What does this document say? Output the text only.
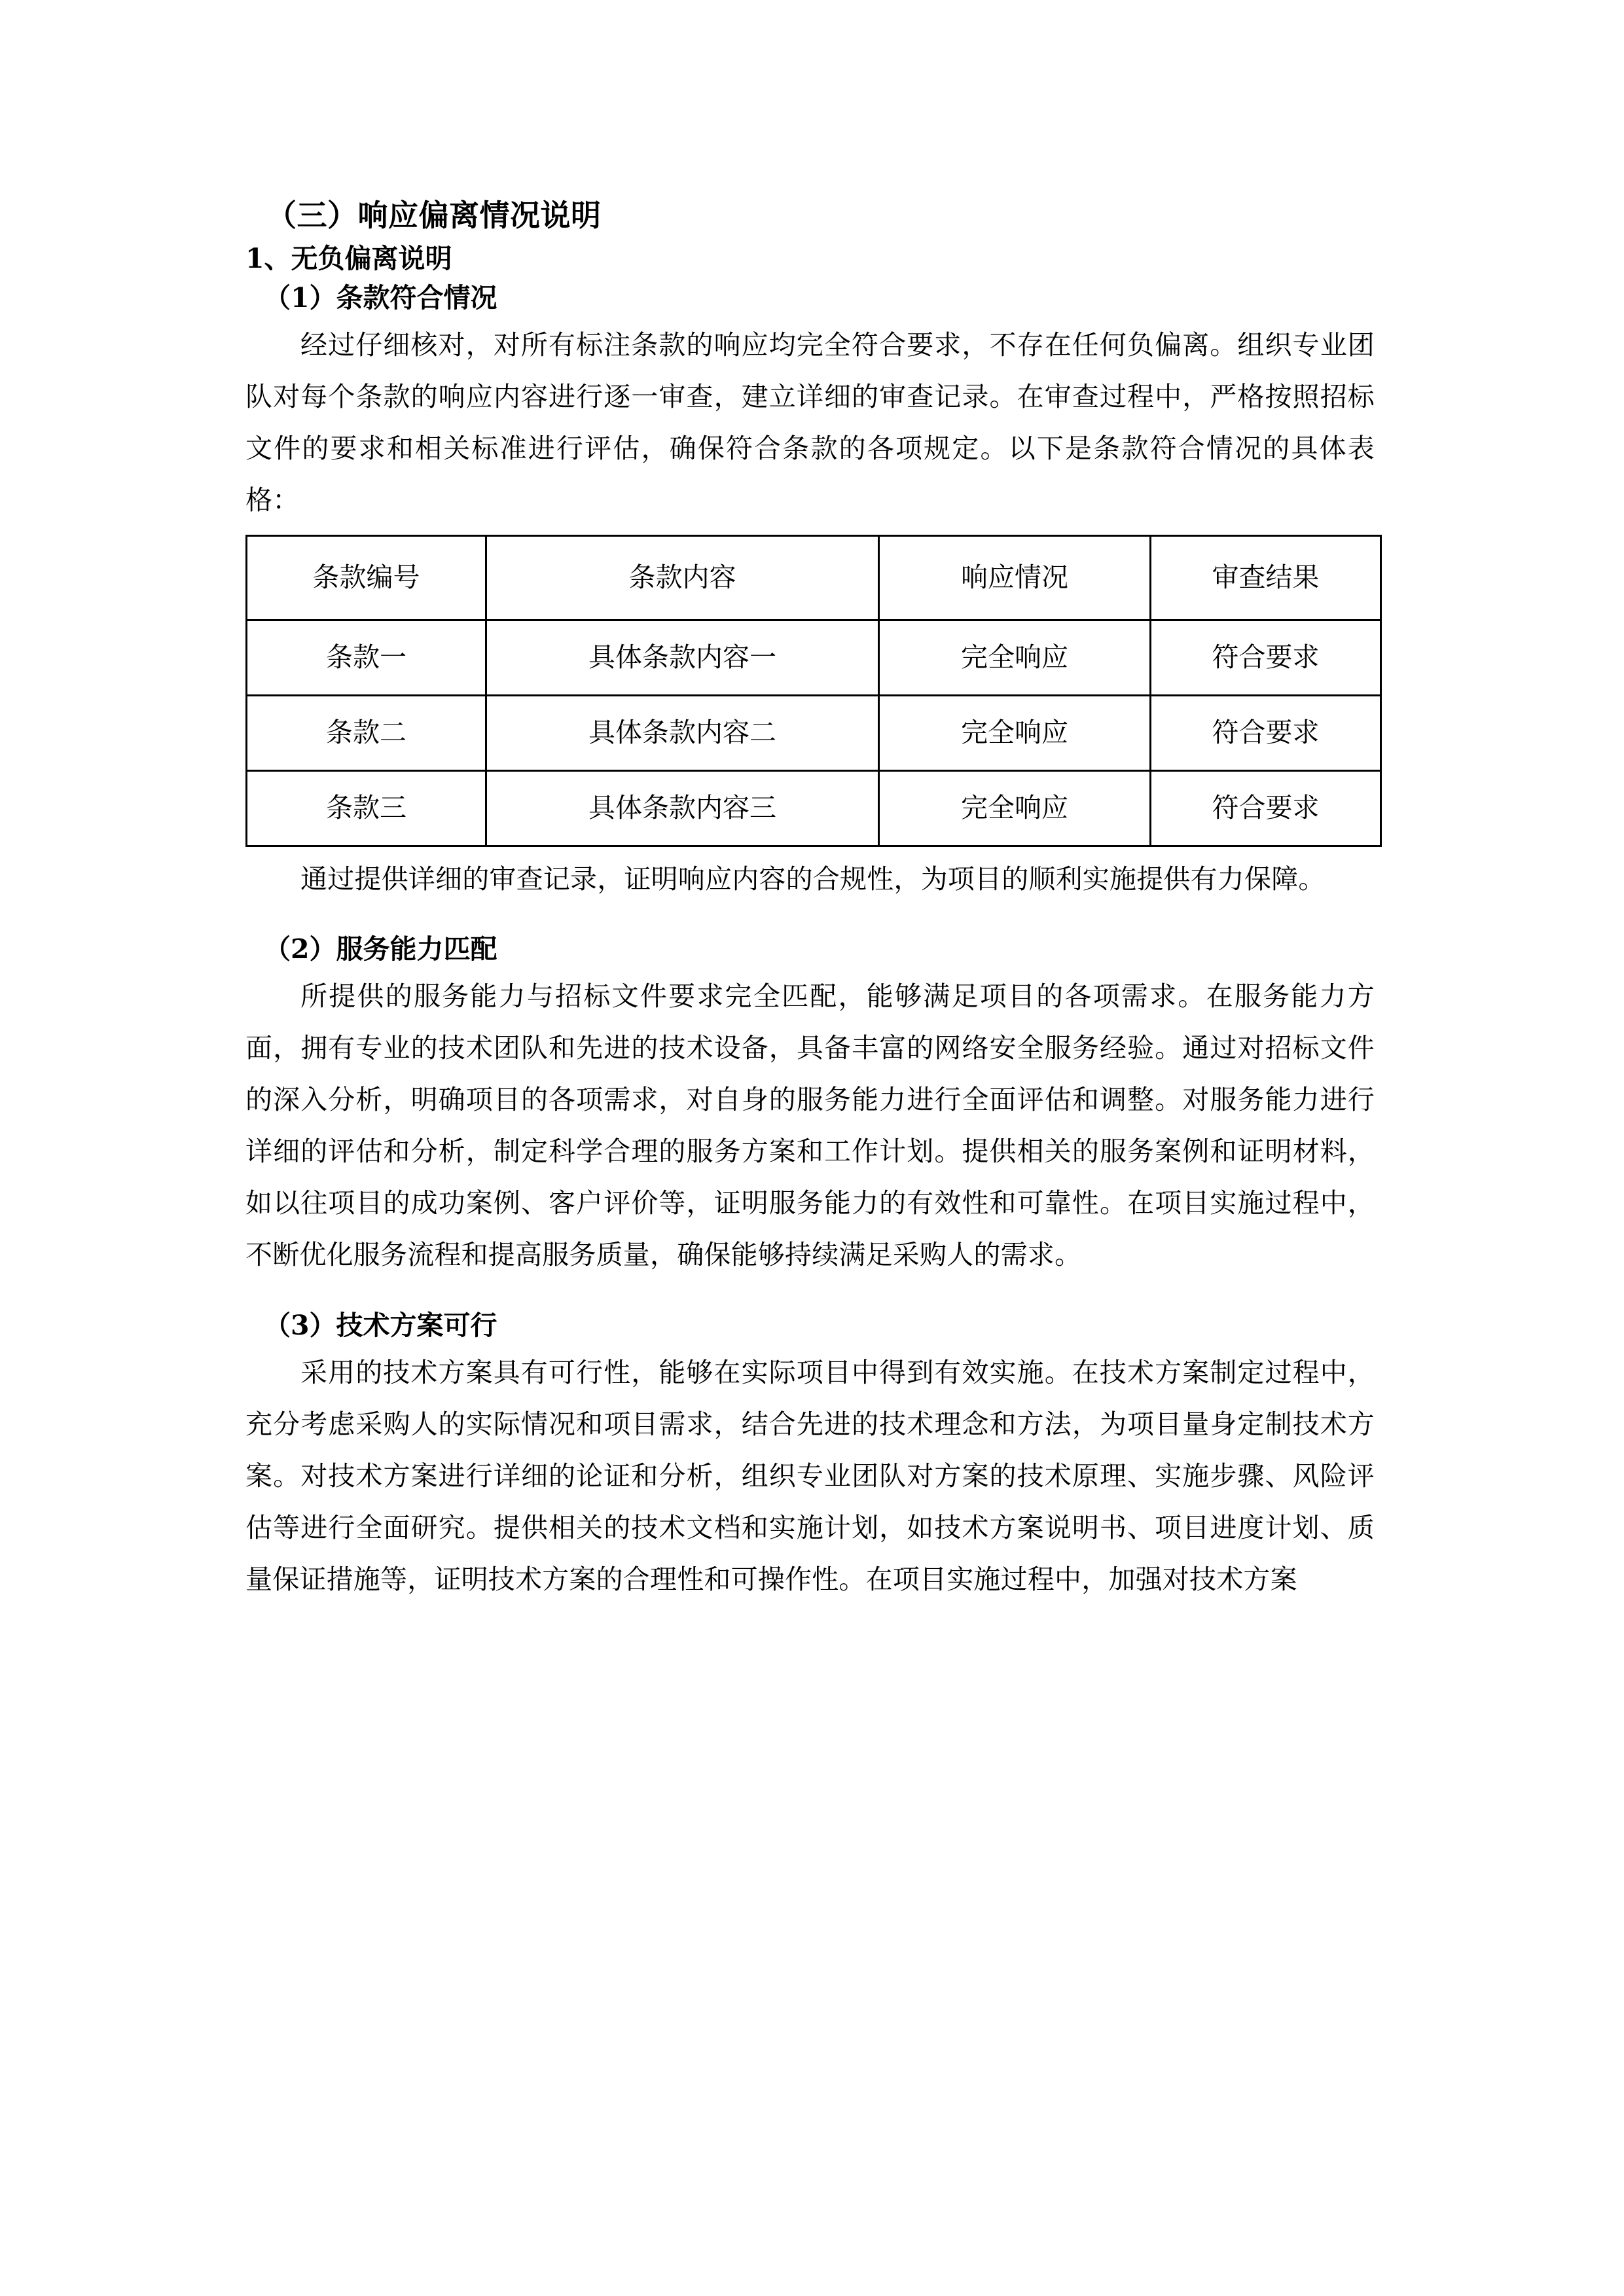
（三）响应偏离情况说明
1、无负偏离说明
（1）条款符合情况

经过仔细核对，对所有标注条款的响应均完全符合要求，不存在任何负偏离。组织专业团队对每个条款的响应内容进行逐一审查，建立详细的审查记录。在审查过程中，严格按照招标文件的要求和相关标准进行评估，确保符合条款的各项规定。以下是条款符合情况的具体表格：

条款编号	条款内容	响应情况	审查结果
条款一	具体条款内容一	完全响应	符合要求
条款二	具体条款内容二	完全响应	符合要求
条款三	具体条款内容三	完全响应	符合要求

通过提供详细的审查记录，证明响应内容的合规性，为项目的顺利实施提供有力保障。

（2）服务能力匹配

所提供的服务能力与招标文件要求完全匹配，能够满足项目的各项需求。在服务能力方面，拥有专业的技术团队和先进的技术设备，具备丰富的网络安全服务经验。通过对招标文件的深入分析，明确项目的各项需求，对自身的服务能力进行全面评估和调整。对服务能力进行详细的评估和分析，制定科学合理的服务方案和工作计划。提供相关的服务案例和证明材料，如以往项目的成功案例、客户评价等，证明服务能力的有效性和可靠性。在项目实施过程中，不断优化服务流程和提高服务质量，确保能够持续满足采购人的需求。

（3）技术方案可行

采用的技术方案具有可行性，能够在实际项目中得到有效实施。在技术方案制定过程中，充分考虑采购人的实际情况和项目需求，结合先进的技术理念和方法，为项目量身定制技术方案。对技术方案进行详细的论证和分析，组织专业团队对方案的技术原理、实施步骤、风险评估等进行全面研究。提供相关的技术文档和实施计划，如技术方案说明书、项目进度计划、质量保证措施等，证明技术方案的合理性和可操作性。在项目实施过程中，加强对技术方案
